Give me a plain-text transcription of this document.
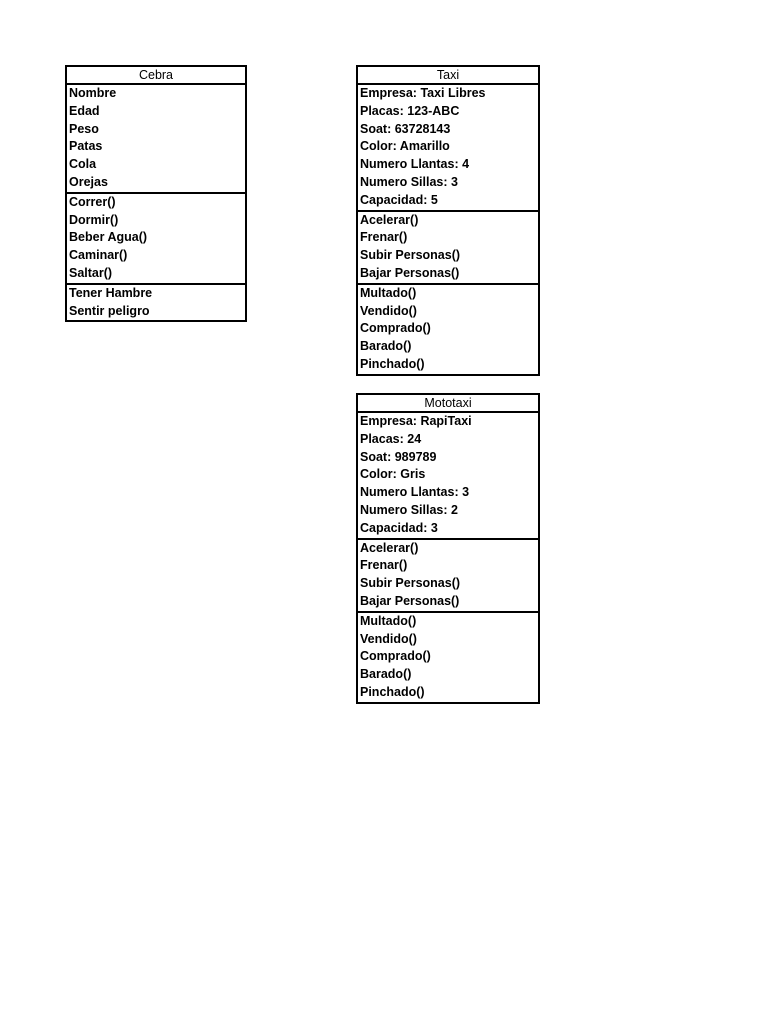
Cebra
Nombre
Edad
Peso
Patas
Cola
Orejas
Correr()
Dormir()
Beber Agua()
Caminar()
Saltar()
Tener Hambre
Sentir peligro
Taxi
Empresa: Taxi Libres
Placas: 123-ABC
Soat: 63728143
Color: Amarillo
Numero Llantas: 4
Numero Sillas: 3
Capacidad: 5
Acelerar()
Frenar()
Subir Personas()
Bajar Personas()
Multado()
Vendido()
Comprado()
Barado()
Pinchado()
Mototaxi
Empresa: RapiTaxi
Placas: 24
Soat: 989789
Color: Gris
Numero Llantas: 3
Numero Sillas: 2
Capacidad: 3
Acelerar()
Frenar()
Subir Personas()
Bajar Personas()
Multado()
Vendido()
Comprado()
Barado()
Pinchado()
